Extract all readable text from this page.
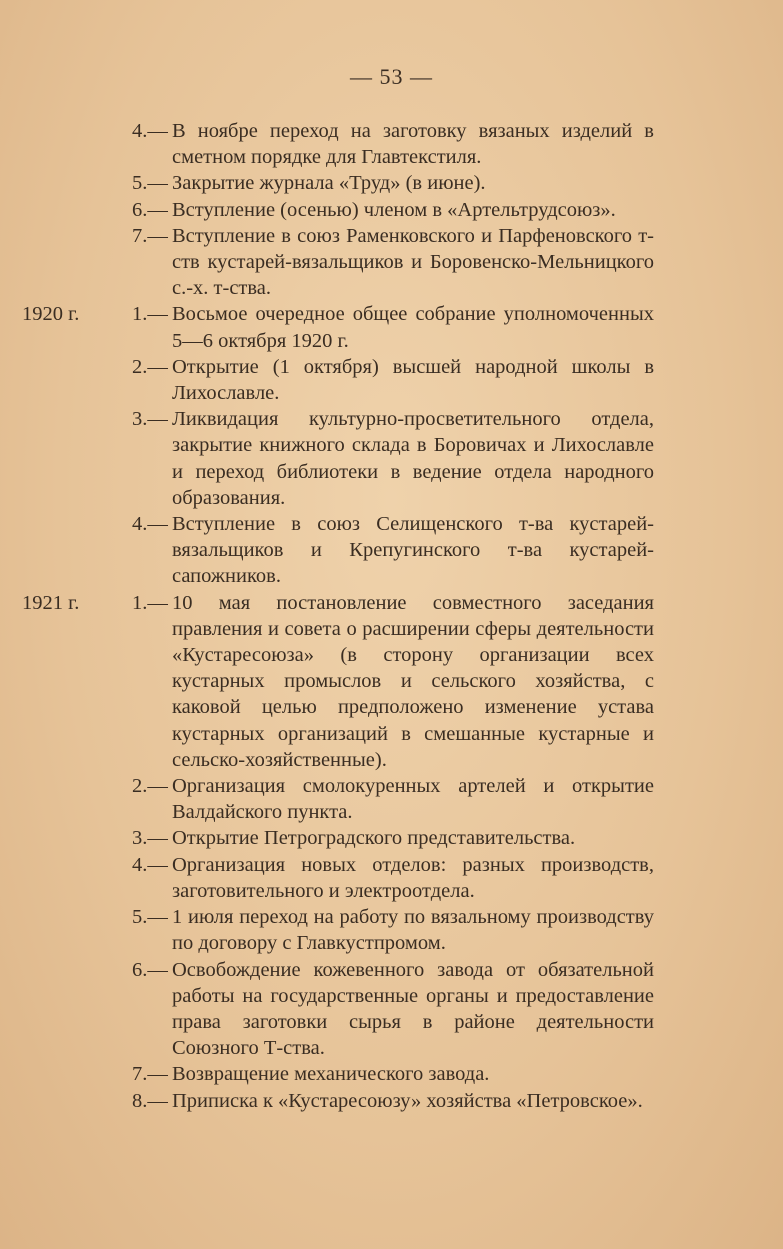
— 53 —
4.— В ноябре переход на заготовку вязаных изделий в сметном порядке для Главтекстиля.
5.— Закрытие журнала «Труд» (в июне).
6.— Вступление (осенью) членом в «Артельтрудсоюз».
7.— Вступление в союз Раменковского и Парфеновского т-ств кустарей-вязальщиков и Боровенско-Мельницкого с.-х. т-ства.
1920 г.	1.— Восьмое очередное общее собрание уполномоченных 5—6 октября 1920 г.
2.— Открытие (1 октября) высшей народной школы в Лихославле.
3.— Ликвидация культурно-просветительного отдела, закрытие книжного склада в Боровичах и Лихославле и переход библиотеки в ведение отдела народного образования.
4.— Вступление в союз Селищенского т-ва кустарей-вязальщиков и Крепугинского т-ва кустарей-сапожников.
1921 г.	1.— 10 мая постановление совместного заседания правления и совета о расширении сферы деятельности «Кустаресоюза» (в сторону организации всех кустарных промыслов и сельского хозяйства, с каковой целью предположено изменение устава кустарных организаций в смешанные кустарные и сельско-хозяйственные).
2.— Организация смолокуренных артелей и открытие Валдайского пункта.
3.— Открытие Петроградского представительства.
4.— Организация новых отделов: разных производств, заготовительного и электроотдела.
5.— 1 июля переход на работу по вязальному производству по договору с Главкустпромом.
6.— Освобождение кожевенного завода от обязательной работы на государственные органы и предоставление права заготовки сырья в районе деятельности Союзного Т-ства.
7.— Возвращение механического завода.
8.— Приписка к «Кустаресоюзу» хозяйства «Петровское».
